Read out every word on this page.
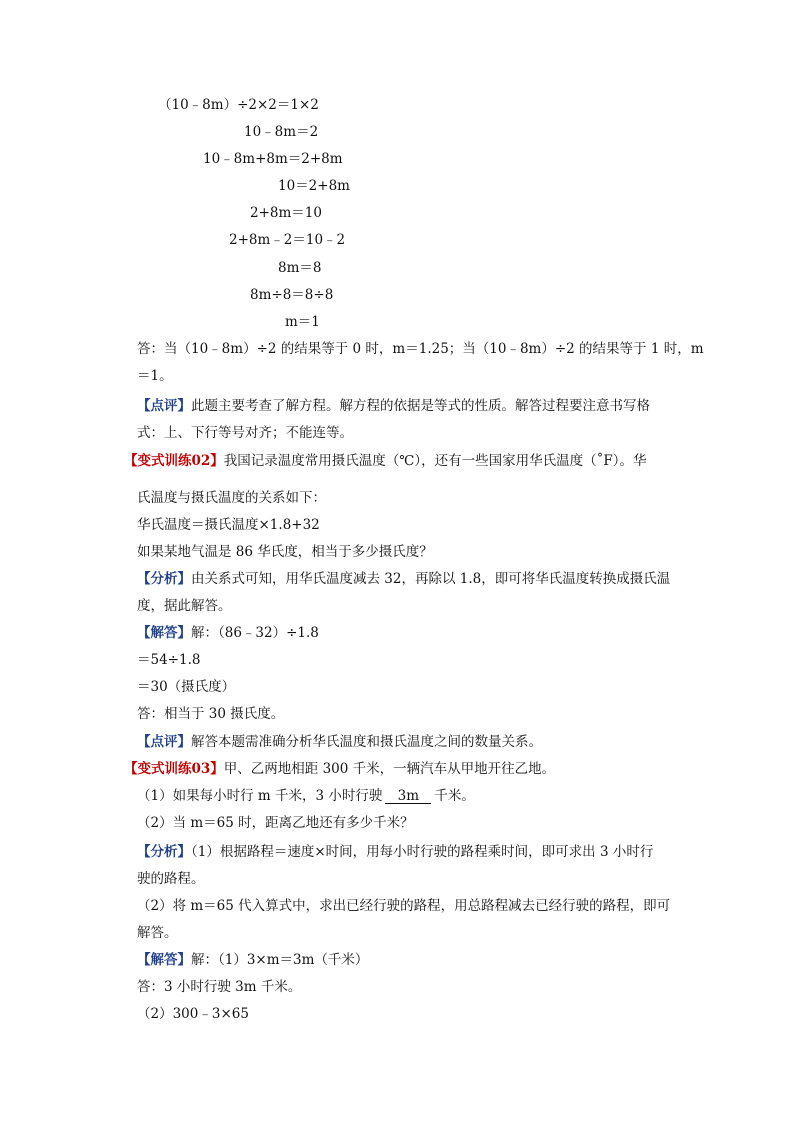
（10﹣8m）÷2×2＝1×2
10﹣8m＝2
10﹣8m+8m＝2+8m
10＝2+8m
2+8m＝10
2+8m﹣2＝10﹣2
8m＝8
8m÷8＝8÷8
m＝1
答：当（10﹣8m）÷2 的结果等于 0 时，m＝1.25；当（10﹣8m）÷2 的结果等于 1 时，m
＝1。
【点评】此题主要考查了解方程。解方程的依据是等式的性质。解答过程要注意书写格
式：上、下行等号对齐；不能连等。
【变式训练02】我国记录温度常用摄氏温度（℃），还有一些国家用华氏温度（˚F）。华
氏温度与摄氏温度的关系如下：
华氏温度＝摄氏温度×1.8+32
如果某地气温是 86 华氏度，相当于多少摄氏度？
【分析】由关系式可知，用华氏温度减去 32，再除以 1.8，即可将华氏温度转换成摄氏温
度，据此解答。
【解答】解：（86﹣32）÷1.8
＝54÷1.8
＝30（摄氏度）
答：相当于 30 摄氏度。
【点评】解答本题需准确分析华氏温度和摄氏温度之间的数量关系。
【变式训练03】甲、乙两地相距 300 千米，一辆汽车从甲地开往乙地。
（1）如果每小时行 m 千米，3 小时行驶 3m 千米。
（2）当 m＝65 时，距离乙地还有多少千米？
【分析】（1）根据路程＝速度×时间，用每小时行驶的路程乘时间，即可求出 3 小时行
驶的路程。
（2）将 m＝65 代入算式中，求出已经行驶的路程，用总路程减去已经行驶的路程，即可
解答。
【解答】解：（1）3×m＝3m（千米）
答：3 小时行驶 3m 千米。
（2）300﹣3×65
